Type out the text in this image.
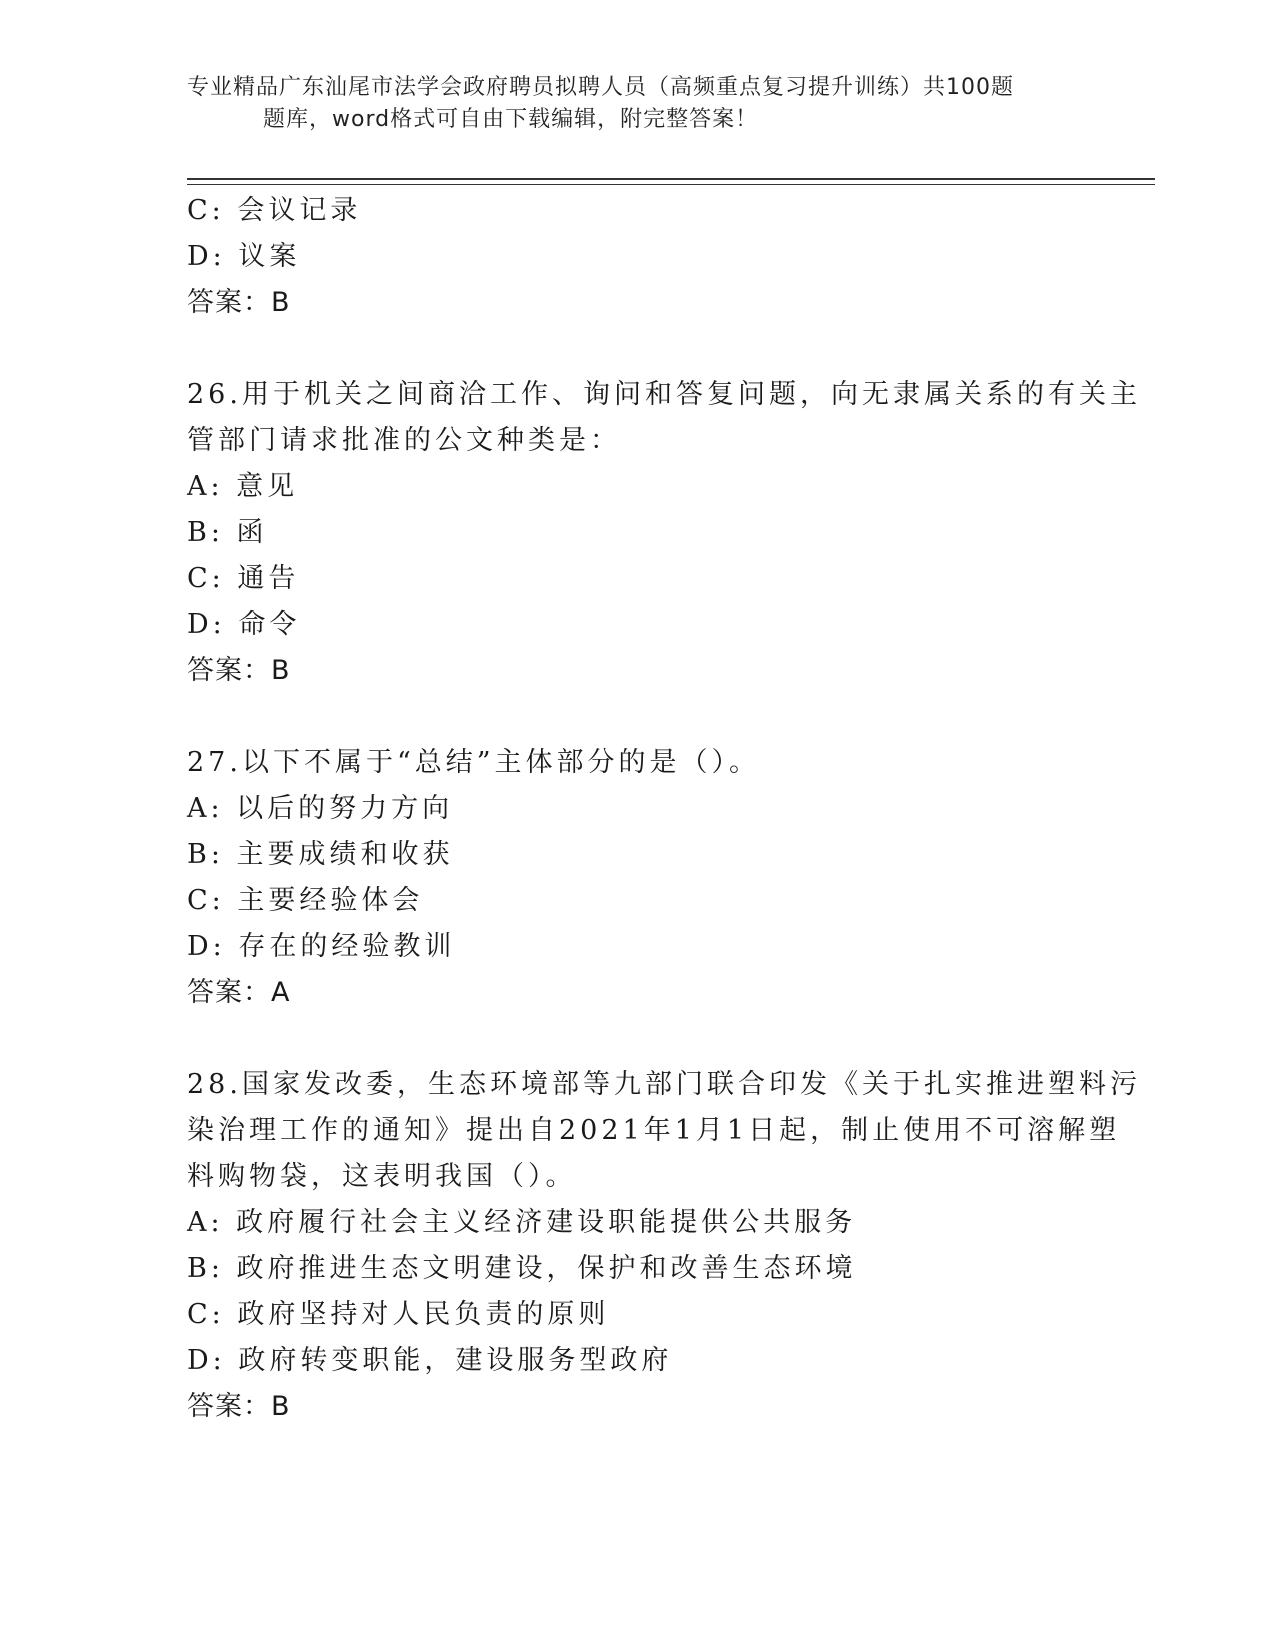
专业精品广东汕尾市法学会政府聘员拟聘人员（高频重点复习提升训练）共100题
题库，word格式可自由下载编辑，附完整答案！
C: 会议记录
D: 议案
答案：B
26.用于机关之间商洽工作、询问和答复问题，向无隶属关系的有关主
管部门请求批准的公文种类是：
A: 意见
B: 函
C: 通告
D: 命令
答案：B
27.以下不属于“总结”主体部分的是（）。
A: 以后的努力方向
B: 主要成绩和收获
C: 主要经验体会
D: 存在的经验教训
答案：A
28.国家发改委，生态环境部等九部门联合印发《关于扎实推进塑料污
染治理工作的通知》提出自2021年1月1日起，制止使用不可溶解塑
料购物袋，这表明我国（）。
A: 政府履行社会主义经济建设职能提供公共服务
B: 政府推进生态文明建设，保护和改善生态环境
C: 政府坚持对人民负责的原则
D: 政府转变职能，建设服务型政府
答案：B
